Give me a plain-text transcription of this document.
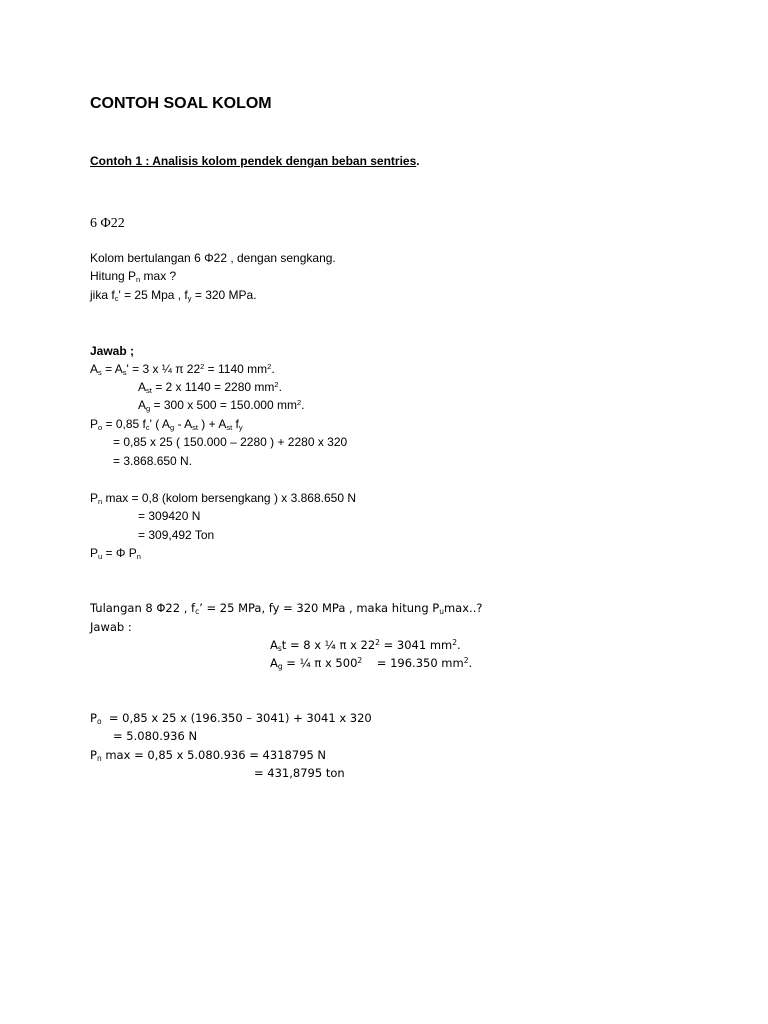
CONTOH SOAL KOLOM
Contoh 1 : Analisis kolom pendek dengan beban sentries.
6 Φ22
Kolom bertulangan 6 Φ22 , dengan sengkang.
Hitung $P_n$ max ?
jika $f_c' = 25$ Mpa , $f_y = 320$ MPa.
Jawab ;
$A_s = A_s' = 3$ x ¼ π $22^2 = 1140$ $mm^2$.
$A_{st} = 2$ x 1140 = 2280 $mm^2$.
$A_g = 300$ x 500 = 150.000 $mm^2$.
$P_o = 0,85$ $f_c'$ ( $A_g - A_{st}$ ) + $A_{st}$ $f_y$
= 0,85 x 25 ( 150.000 – 2280 ) + 2280 x 320
= 3.868.650 N.
$P_n$ max = 0,8 (kolom bersengkang ) x 3.868.650 N
= 309420 N
= 309,492 Ton
$P_u = \Phi$ $P_n$
Tulangan 8 Φ22 , $f_c$’ = 25 MPa, fy = 320 MPa , maka hitung $P_u\max$..?
Jawab :
$A_st = 8$ x ¼ π x $22^2 = 3041$ $mm^2$.
$A_g$ = ¼ π x $500^2$    = 196.350 $mm^2$.
$P_o = 0,85$ x 25 x (196.350 – 3041) + 3041 x 320
= 5.080.936 N
$P_n$ max = 0,85 x 5.080.936 = 4318795 N
= 431,8795 ton
